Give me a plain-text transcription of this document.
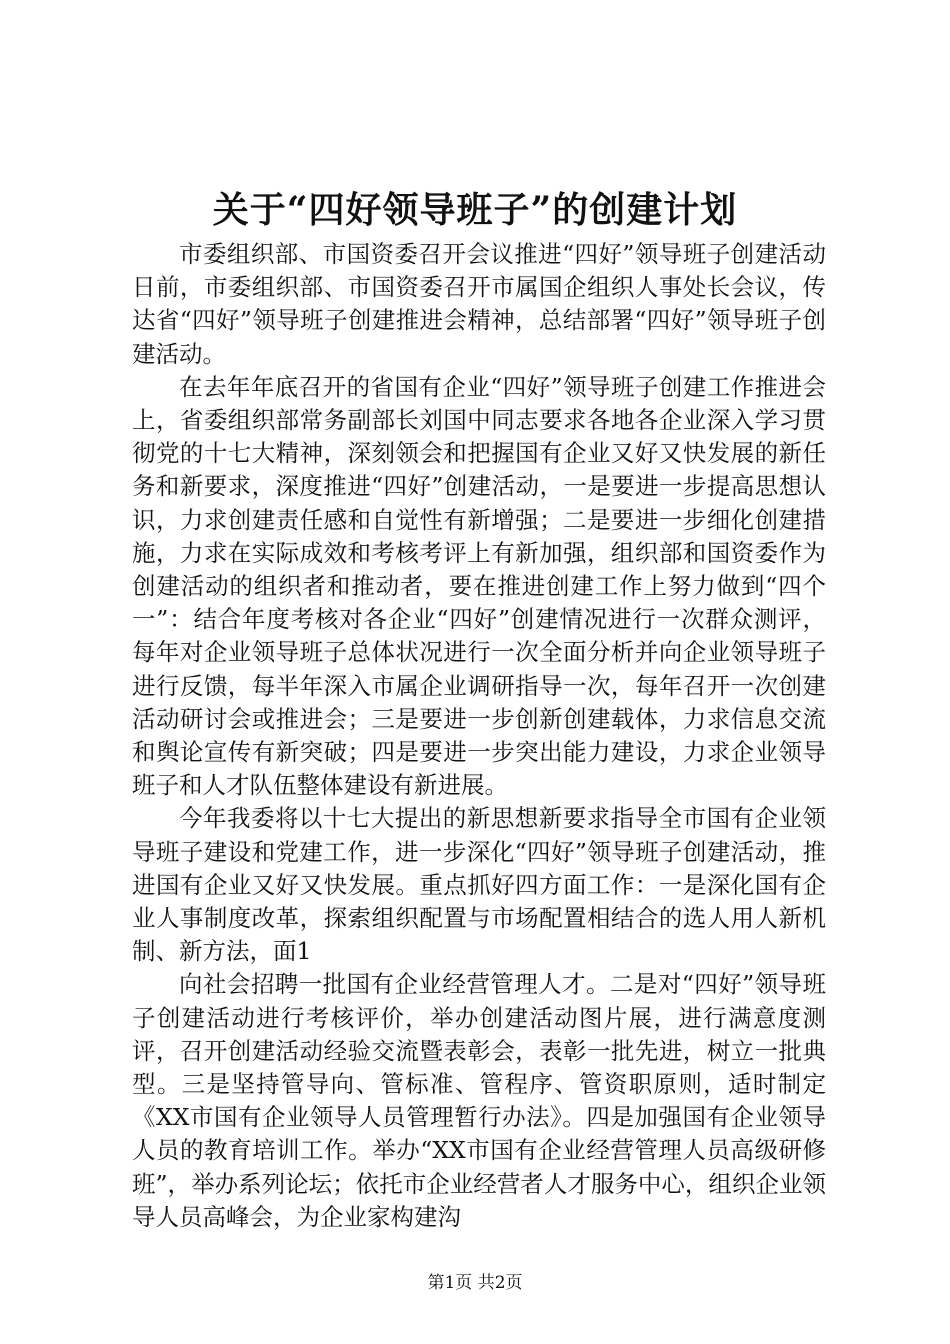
关于“四好领导班子”的创建计划

市委组织部、市国资委召开会议推进“四好”领导班子创建活动日前，市委组织部、市国资委召开市属国企组织人事处长会议，传达省“四好”领导班子创建推进会精神，总结部署“四好”领导班子创建活动。

在去年年底召开的省国有企业“四好”领导班子创建工作推进会上，省委组织部常务副部长刘国中同志要求各地各企业深入学习贯彻党的十七大精神，深刻领会和把握国有企业又好又快发展的新任务和新要求，深度推进“四好”创建活动，一是要进一步提高思想认识，力求创建责任感和自觉性有新增强；二是要进一步细化创建措施，力求在实际成效和考核考评上有新加强，组织部和国资委作为创建活动的组织者和推动者，要在推进创建工作上努力做到“四个一”：结合年度考核对各企业“四好”创建情况进行一次群众测评，每年对企业领导班子总体状况进行一次全面分析并向企业领导班子进行反馈，每半年深入市属企业调研指导一次，每年召开一次创建活动研讨会或推进会；三是要进一步创新创建载体，力求信息交流和舆论宣传有新突破；四是要进一步突出能力建设，力求企业领导班子和人才队伍整体建设有新进展。

今年我委将以十七大提出的新思想新要求指导全市国有企业领导班子建设和党建工作，进一步深化“四好”领导班子创建活动，推进国有企业又好又快发展。重点抓好四方面工作：一是深化国有企业人事制度改革，探索组织配置与市场配置相结合的选人用人新机制、新方法，面1

向社会招聘一批国有企业经营管理人才。二是对“四好”领导班子创建活动进行考核评价，举办创建活动图片展，进行满意度测评，召开创建活动经验交流暨表彰会，表彰一批先进，树立一批典型。三是坚持管导向、管标准、管程序、管资职原则，适时制定《XX市国有企业领导人员管理暂行办法》。四是加强国有企业领导人员的教育培训工作。举办“XX市国有企业经营管理人员高级研修班”，举办系列论坛；依托市企业经营者人才服务中心，组织企业领导人员高峰会，为企业家构建沟

第1页 共2页
